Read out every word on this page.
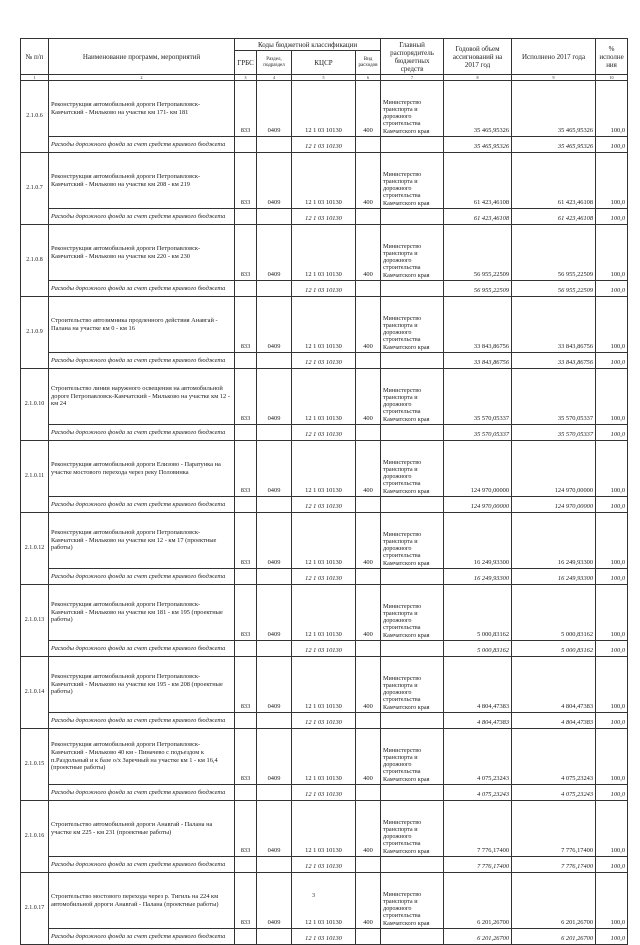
№ п/п	Наименование программ, мероприятий	Коды бюджетной классификации				Главный распорядитель бюджетных средств	Годовой объем ассигнований на 2017 год	Исполнено 2017 года	% исполне ния
		ГРБС	Раздел, подраздел	КЦСР	Вид расходов				
1	2	3	4	5	6	7	8	9	10
2.1.0.6	Реконструкция автомобильной дороги Петропавловск-Камчатский - Мильково на участке км 171- км 181	833	0409	12 1 03 10130	400	Министерство транспорта и дорожного строительства Камчатского края	35 465,95326	35 465,95326	100,0
	Расходы дорожного фонда за счет средств краевого бюджета			12 1 03 10130			35 465,95326	35 465,95326	100,0
2.1.0.7	Реконструкция автомобильной дороги Петропавловск-Камчатский - Мильково на участке км 208 - км 219	833	0409	12 1 03 10130	400	Министерство транспорта и дорожного строительства Камчатского края	61 423,46108	61 423,46108	100,0
	Расходы дорожного фонда за счет средств краевого бюджета			12 1 03 10130			61 423,46108	61 423,46108	100,0
2.1.0.8	Реконструкция автомобильной дороги Петропавловск-Камчатский - Мильково на участке км 220 - км 230	833	0409	12 1 03 10130	400	Министерство транспорта и дорожного строительства Камчатского края	56 955,22509	56 955,22509	100,0
	Расходы дорожного фонда за счет средств краевого бюджета			12 1 03 10130			56 955,22509	56 955,22509	100,0
2.1.0.9	Строительство автозимника продленного действия Анавгай - Палана на участке км 0 - км 16	833	0409	12 1 03 10130	400	Министерство транспорта и дорожного строительства Камчатского края	33 843,86756	33 843,86756	100,0
	Расходы дорожного фонда за счет средств краевого бюджета			12 1 03 10130			33 843,86756	33 843,86756	100,0
2.1.0.10	Строительство линии наружного освещения на автомобильной дороге Петропавловск-Камчатский - Мильково на участке км 12 - км 24	833	0409	12 1 03 10130	400	Министерство транспорта и дорожного строительства Камчатского края	35 570,05337	35 570,05337	100,0
	Расходы дорожного фонда за счет средств краевого бюджета			12 1 03 10130			35 570,05337	35 570,05337	100,0
2.1.0.11	Реконструкция автомобильной дороги Елизово - Паратунка на участке мостового перехода через реку Половинка	833	0409	12 1 03 10130	400	Министерство транспорта и дорожного строительства Камчатского края	124 970,00000	124 970,00000	100,0
	Расходы дорожного фонда за счет средств краевого бюджета			12 1 03 10130			124 970,00000	124 970,00000	100,0
2.1.0.12	Реконструкция автомобильной дороги Петропавловск-Камчатский - Мильково на участке км 12 - км 17 (проектные работы)	833	0409	12 1 03 10130	400	Министерство транспорта и дорожного строительства Камчатского края	16 249,93300	16 249,93300	100,0
	Расходы дорожного фонда за счет средств краевого бюджета			12 1 03 10130			16 249,93300	16 249,93300	100,0
2.1.0.13	Реконструкция автомобильной дороги Петропавловск-Камчатский - Мильково на участке км 181 - км 195 (проектные работы)	833	0409	12 1 03 10130	400	Министерство транспорта и дорожного строительства Камчатского края	5 000,83162	5 000,83162	100,0
	Расходы дорожного фонда за счет средств краевого бюджета			12 1 03 10130			5 000,83162	5 000,83162	100,0
2.1.0.14	Реконструкция автомобильной дороги Петропавловск-Камчатский - Мильково на участке км 195 - км 208 (проектные работы)	833	0409	12 1 03 10130	400	Министерство транспорта и дорожного строительства Камчатского края	4 804,47383	4 804,47383	100,0
	Расходы дорожного фонда за счет средств краевого бюджета			12 1 03 10130			4 804,47383	4 804,47383	100,0
2.1.0.15	Реконструкция автомобильной дороги Петропавловск-Камчатский - Мильково 40 км - Пиначево с подъездом к п.Раздольный и к базе о/х Заречный на участке км 1 - км 16,4 (проектные работы)	833	0409	12 1 03 10130	400	Министерство транспорта и дорожного строительства Камчатского края	4 075,23243	4 075,23243	100,0
	Расходы дорожного фонда за счет средств краевого бюджета			12 1 03 10130			4 075,23243	4 075,23243	100,0
2.1.0.16	Строительство автомобильной дороги Анавгай - Палана на участке км 225 - км 231 (проектные работы)	833	0409	12 1 03 10130	400	Министерство транспорта и дорожного строительства Камчатского края	7 776,17400	7 776,17400	100,0
	Расходы дорожного фонда за счет средств краевого бюджета			12 1 03 10130			7 776,17400	7 776,17400	100,0
2.1.0.17	Строительство мостового перехода через р. Тигиль на 224 км автомобильной дороги Анавгай - Палана (проектные работы)	833	0409	12 1 03 10130	400	Министерство транспорта и дорожного строительства Камчатского края	6 201,26700	6 201,26700	100,0
	Расходы дорожного фонда за счет средств краевого бюджета			12 1 03 10130			6 201,26700	6 201,26700	100,0
3
